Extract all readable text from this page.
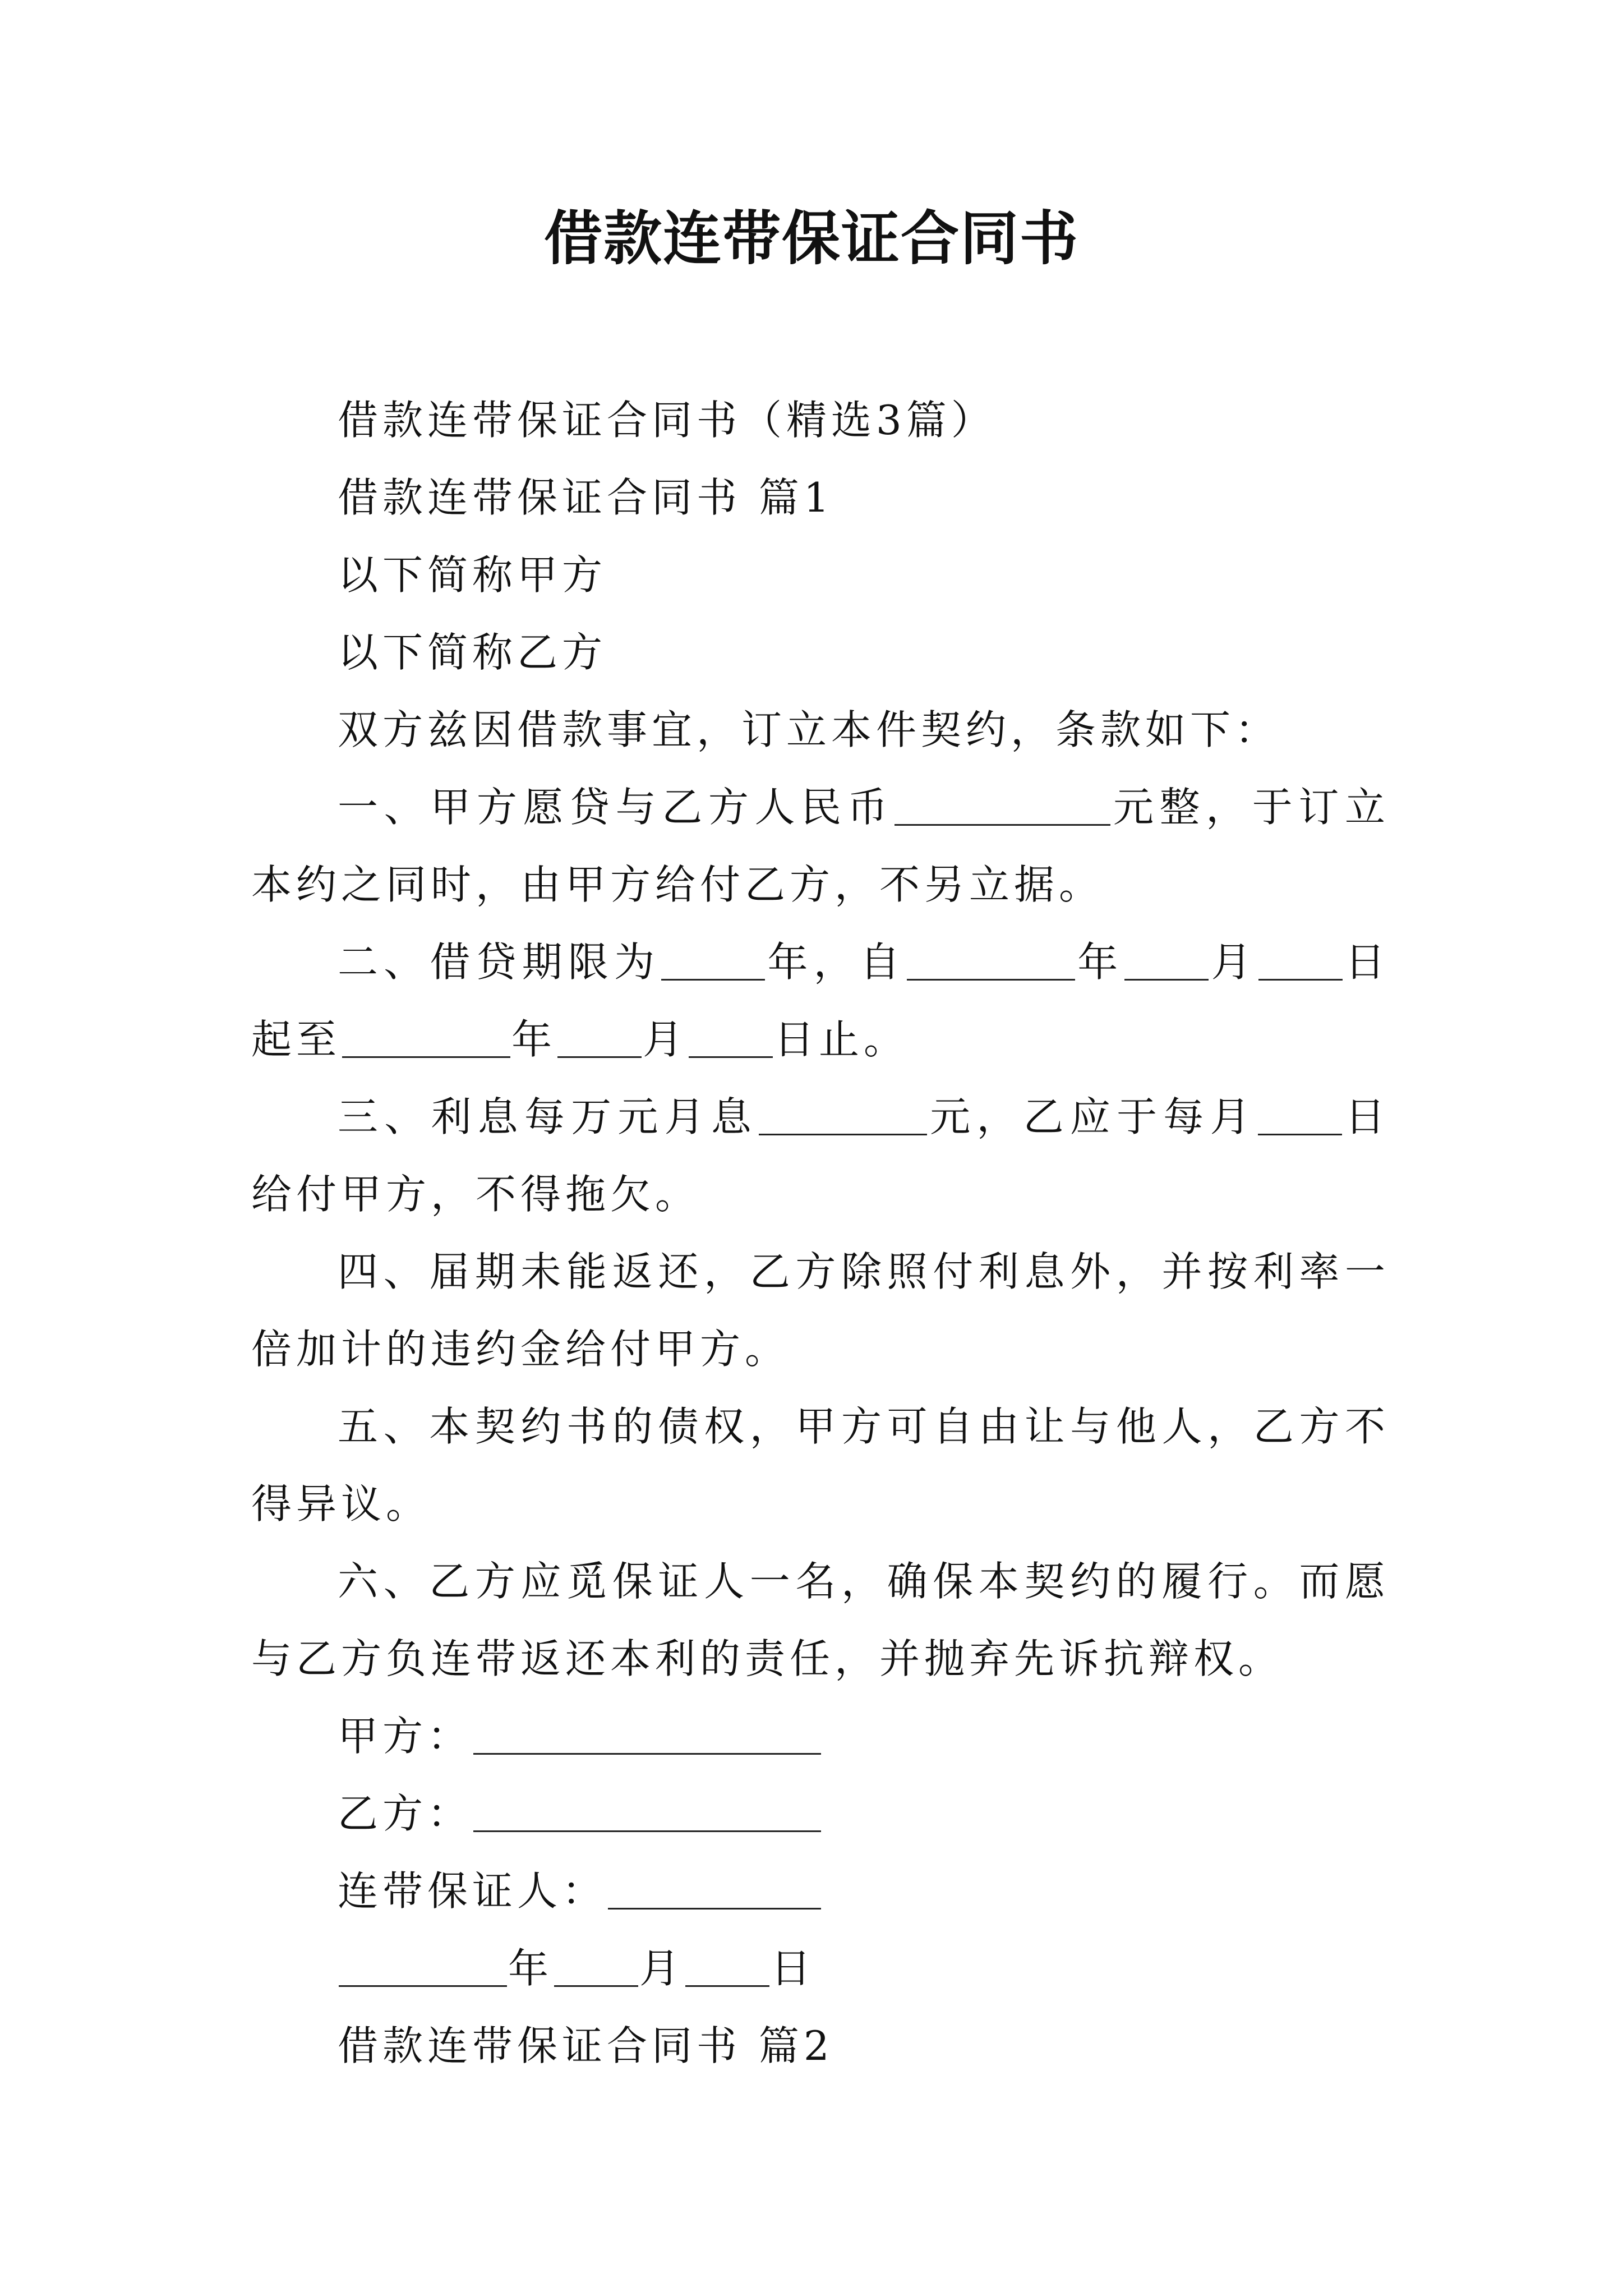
借款连带保证合同书

借款连带保证合同书（精选3篇）

借款连带保证合同书 篇1

以下简称甲方

以下简称乙方

双方兹因借款事宜，订立本件契约，条款如下：

一、甲方愿贷与乙方人民币	元整，于订立本约之同时，由甲方给付乙方，不另立据。

二、借贷期限为	年，自	年 月 日起至	年 月 日止。

三、利息每万元月息	元，乙应于每月 日给付甲方，不得拖欠。

四、届期未能返还，乙方除照付利息外，并按利率一倍加计的违约金给付甲方。

五、本契约书的债权，甲方可自由让与他人，乙方不得异议。

六、乙方应觅保证人一名，确保本契约的履行。而愿与乙方负连带返还本利的责任，并抛弃先诉抗辩权。

甲方：

乙方：

连带保证人：

年 月 日

借款连带保证合同书 篇2
